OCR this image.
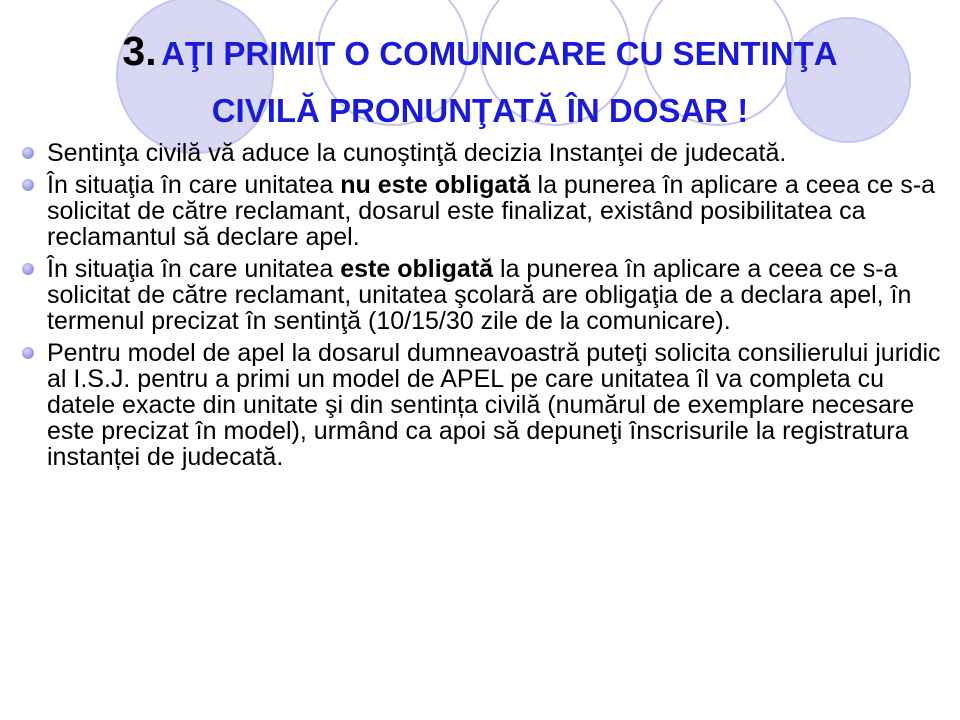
3. AŢI PRIMIT O COMUNICARE CU SENTINŢA
CIVILĂ PRONUNŢATĂ ÎN DOSAR !
Sentinţa civilă vă aduce la cunoştinţă decizia Instanţei de judecată.
În situaţia în care unitatea nu este obligată la punerea în aplicare a ceea ce s-a solicitat de către reclamant, dosarul este finalizat, existând posibilitatea ca reclamantul să declare apel.
În situaţia în care unitatea este obligată la punerea în aplicare a ceea ce s-a solicitat de către reclamant, unitatea şcolară are obligaţia de a declara apel, în termenul precizat în sentinţă (10/15/30 zile de la comunicare).
Pentru model de apel la dosarul dumneavoastră puteţi solicita consilierului juridic al I.S.J. pentru a primi un model de APEL pe care unitatea îl va completa cu datele exacte din unitate şi din sentința civilă (numărul de exemplare necesare este precizat în model), urmând ca apoi să depuneţi înscrisurile la registratura instanței de judecată.
